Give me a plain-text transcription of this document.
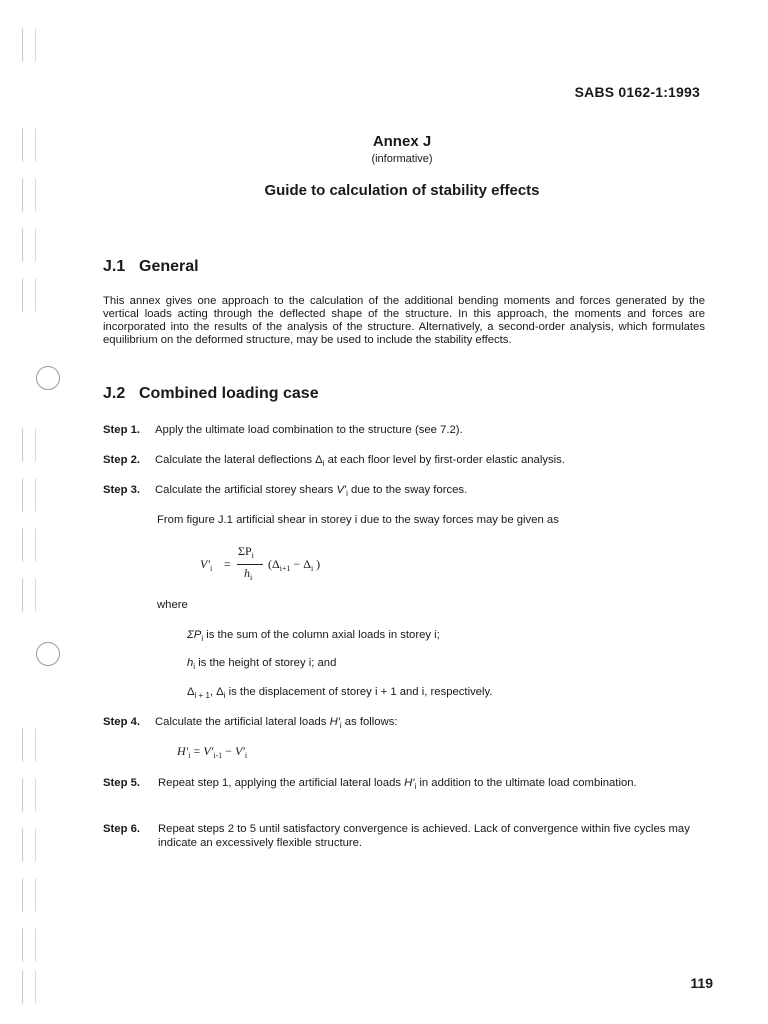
SABS 0162-1:1993
Annex J
(informative)
Guide to calculation of stability effects
J.1 General
This annex gives one approach to the calculation of the additional bending moments and forces generated by the vertical loads acting through the deflected shape of the structure. In this approach, the moments and forces are incorporated into the results of the analysis of the structure. Alternatively, a second-order analysis, which formulates equilibrium on the deformed structure, may be used to include the stability effects.
J.2 Combined loading case
Step 1. Apply the ultimate load combination to the structure (see 7.2).
Step 2. Calculate the lateral deflections $\Delta_i$ at each floor level by first-order elastic analysis.
Step 3. Calculate the artificial storey shears $V'_i$ due to the sway forces.
From figure J.1 artificial shear in storey i due to the sway forces may be given as
$V'_i$ =
$\Sigma P_i$
$h_i$
($\Delta_{i+1} - \Delta_i$ )
where
$\Sigma P_i$ is the sum of the column axial loads in storey i;
$h_i$ is the height of storey i; and
$\Delta_{i + 1}$, $\Delta_i$ is the displacement of storey i + 1 and i, respectively.
Step 4. Calculate the artificial lateral loads $H'_i$ as follows:
$H'_i = V'_{i-1} - V'_i$
Step 5.	Repeat step 1, applying the artificial lateral loads $H'_i$ in addition to the ultimate load combination.
Step 6.	Repeat steps 2 to 5 until satisfactory convergence is achieved. Lack of convergence within five cycles may indicate an excessively flexible structure.
119
